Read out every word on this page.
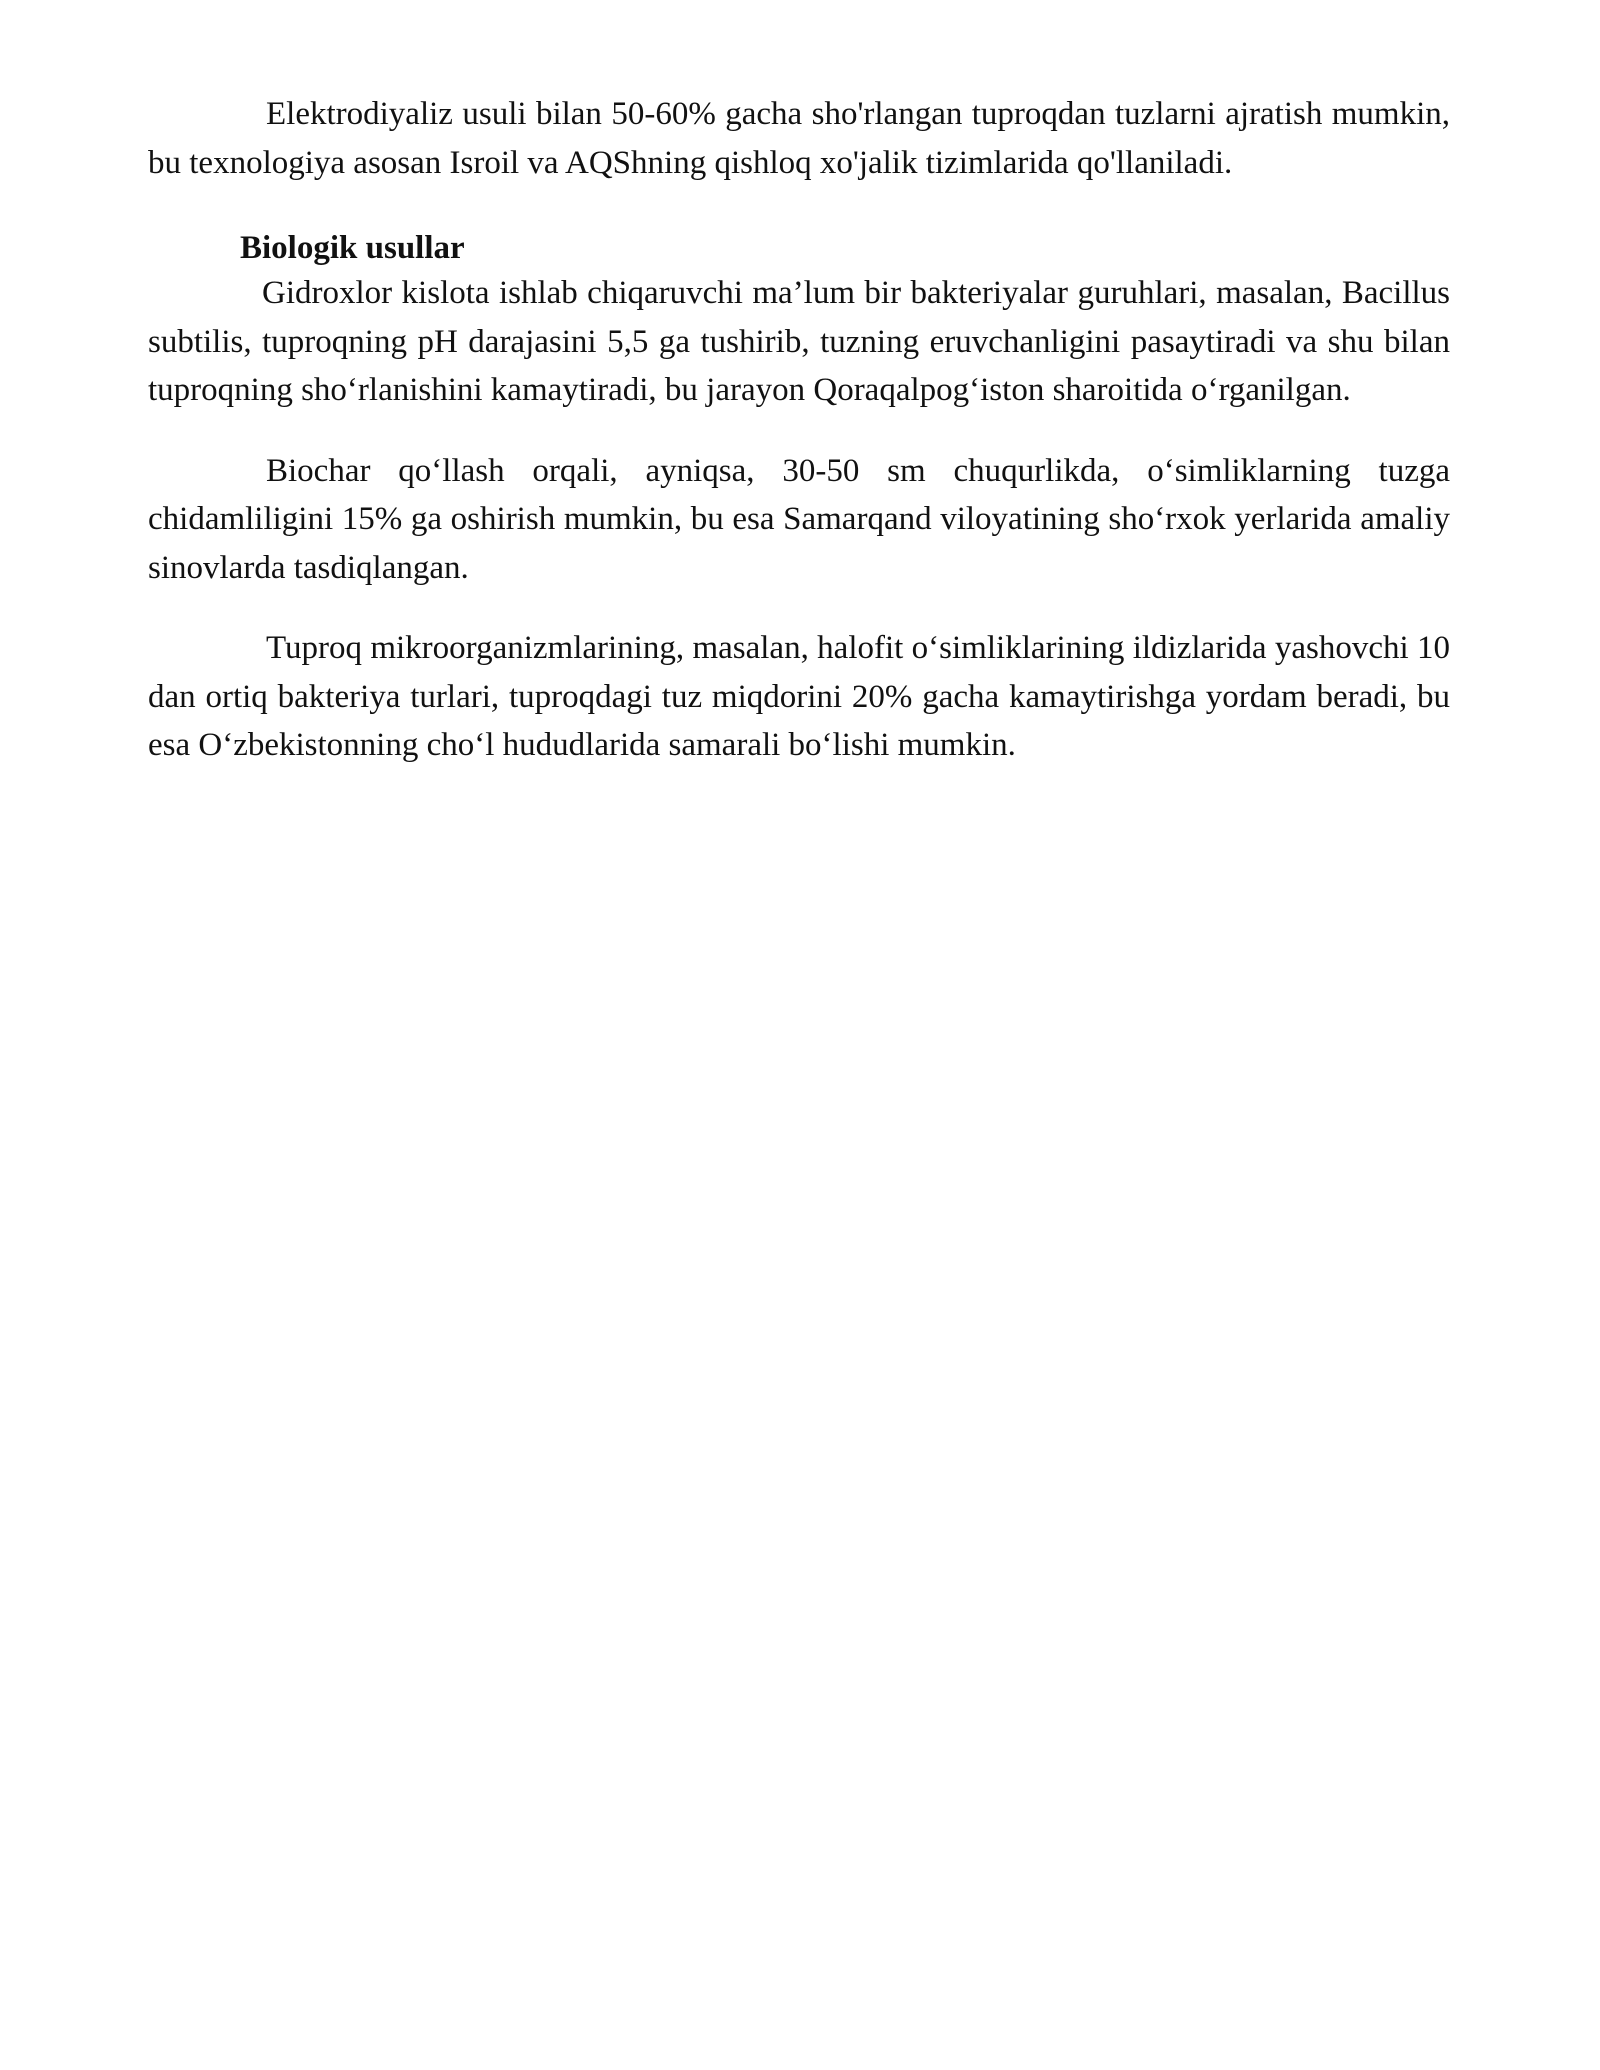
Elektrodiyaliz usuli bilan 50-60% gacha sho'rlangan tuproqdan tuzlarni ajratish mumkin, bu texnologiya asosan Isroil va AQShning qishloq xo'jalik tizimlarida qo'llaniladi.

Biologik usullar

Gidroxlor kislota ishlab chiqaruvchi ma’lum bir bakteriyalar guruhlari, masalan, Bacillus subtilis, tuproqning pH darajasini 5,5 ga tushirib, tuzning eruvchanligini pasaytiradi va shu bilan tuproqning sho‘rlanishini kamaytiradi, bu jarayon Qoraqalpog‘iston sharoitida o‘rganilgan.

Biochar qo‘llash orqali, ayniqsa, 30-50 sm chuqurlikda, o‘simliklarning tuzga chidamliligini 15% ga oshirish mumkin, bu esa Samarqand viloyatining sho‘rxok yerlarida amaliy sinovlarda tasdiqlangan.

Tuproq mikroorganizmlarining, masalan, halofit o‘simliklarining ildizlarida yashovchi 10 dan ortiq bakteriya turlari, tuproqdagi tuz miqdorini 20% gacha kamaytirishga yordam beradi, bu esa O‘zbekistonning cho‘l hududlarida samarali bo‘lishi mumkin.
